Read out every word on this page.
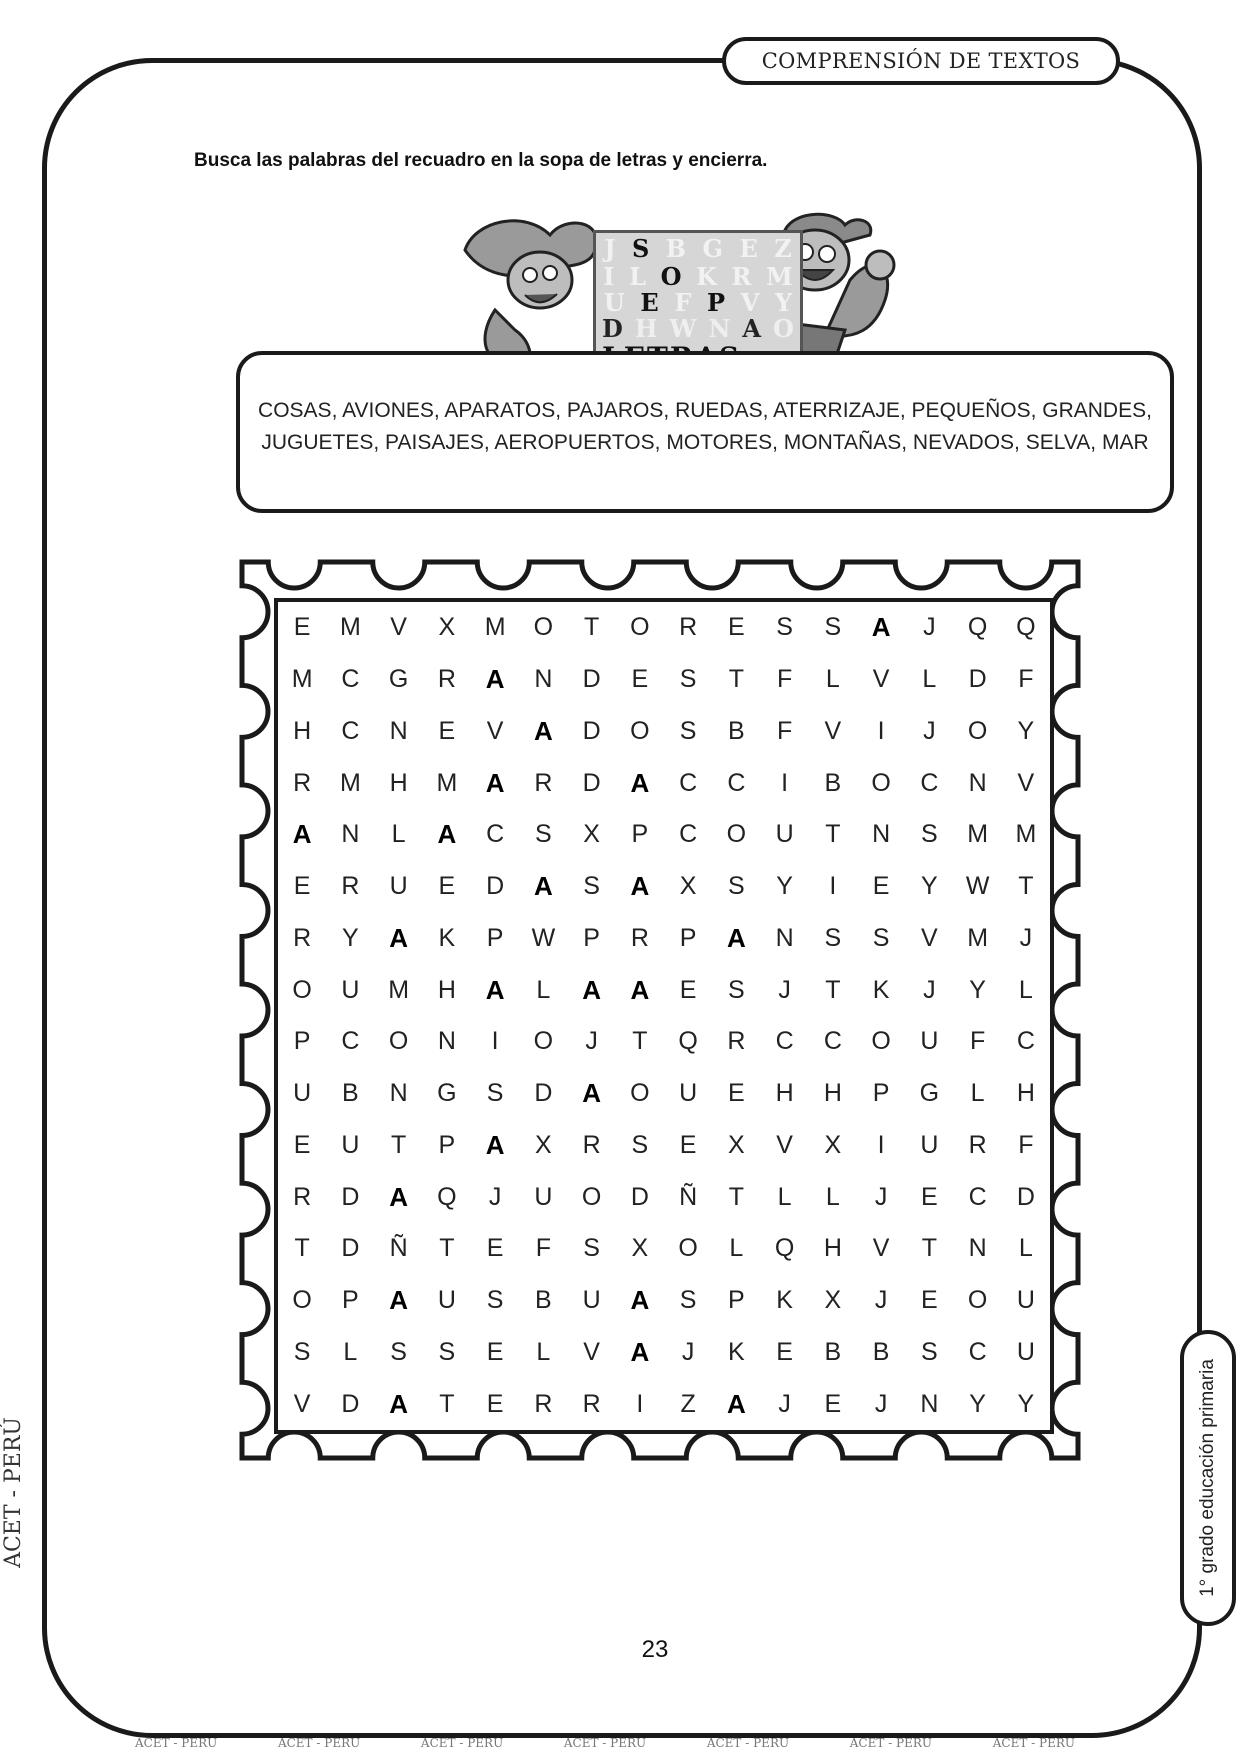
COMPRENSIÓN DE TEXTOS
Busca las palabras del recuadro en la sopa de letras y encierra.
J S B G E Z
I L O K R M
U E F P V Y
D H W N A O
COSAS, AVIONES, APARATOS, PAJAROS, RUEDAS, ATERRIZAJE, PEQUEÑOS, GRANDES,
JUGUETES, PAISAJES, AEROPUERTOS, MOTORES, MONTAÑAS, NEVADOS, SELVA, MAR
E	M	V	X	M	O	T	O	R	E	S	S	A	J	Q	Q
M	C	G	R	A	N	D	E	S	T	F	L	V	L	D	F
H	C	N	E	V	A	D	O	S	B	F	V	I	J	O	Y
R	M	H	M	A	R	D	A	C	C	I	B	O	C	N	V
A	N	L	A	C	S	X	P	C	O	U	T	N	S	M	M
E	R	U	E	D	A	S	A	X	S	Y	I	E	Y	W	T
R	Y	A	K	P	W	P	R	P	A	N	S	S	V	M	J
O	U	M	H	A	L	A	A	E	S	J	T	K	J	Y	L
P	C	O	N	I	O	J	T	Q	R	C	C	O	U	F	C
U	B	N	G	S	D	A	O	U	E	H	H	P	G	L	H
E	U	T	P	A	X	R	S	E	X	V	X	I	U	R	F
R	D	A	Q	J	U	O	D	Ñ	T	L	L	J	E	C	D
T	D	Ñ	T	E	F	S	X	O	L	Q	H	V	T	N	L
O	P	A	U	S	B	U	A	S	P	K	X	J	E	O	U
S	L	S	S	E	L	V	A	J	K	E	B	B	S	C	U
V	D	A	T	E	R	R	I	Z	A	J	E	J	N	Y	Y
23
1° grado educación primaria
ACET - PERÚ
ACET - PERU	ACET - PERU	ACET - PERU	ACET - PERU	ACET - PERU	ACET - PERU	ACET - PERU
